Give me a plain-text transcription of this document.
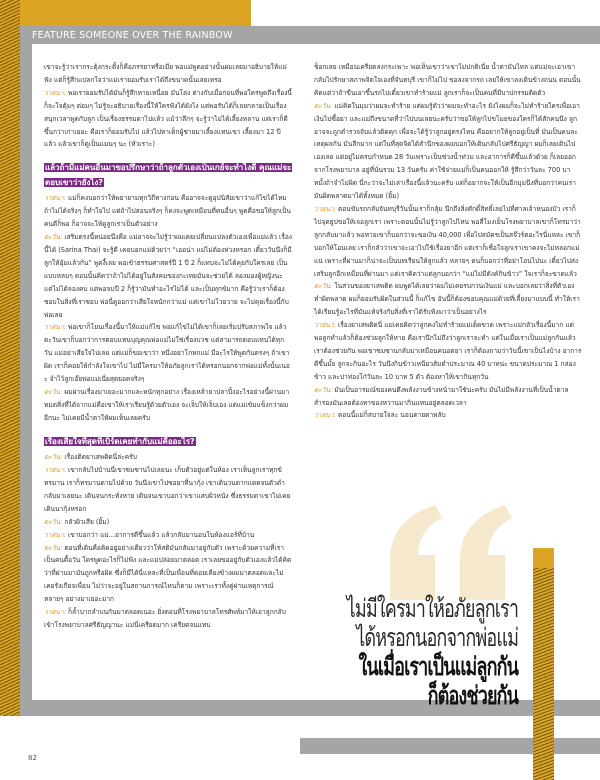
FEATURE SOMEONE OVER THE RAINBOW

เขาจะรู้ว่าเรากระตุ้งกระติ้งก็คือภรรยาหรือเมีย พอแม่พูดอย่างนั้นผมเลยมาอธิบายให้แม่ฟัง แต่ก็รู้สึกแปลกใจว่าแม่เรายอมรับเราได้ถึงขนาดนั้นเลยเหรอ

วาสนา: พอเรายอมรับได้มันก็รู้สึกหายเหนื่อย มันโล่ง ต่างกับเมื่อก่อนที่พอใครพูดถึงเรื่องนี้ก็จะใจตุ้มๆ ต่อมๆ ไม่รู้จะอธิบายเรื่องนี้ให้ใครฟังได้ยังไง แต่พอรับได้ก็เลยกลายเป็นเรื่องสนุกเวลาพูดกับลูก เป็นเรื่องธรรมดาไปแล้ว แม้ว่าลึกๆ จะรู้ว่าไม่ได้เลี้ยงหลาน แต่เราก็ดีขึ้นกว่าเก่าเยอะ คือเราก็ยอมรับไป แล้วไปหาเด็กผู้ชายมาเลี้ยงแทนเขา เลี้ยงมา 12 ปีแล้ว แล้วเขาก็ดูเป็นแมนๆ นะ (หัวเราะ)

แล้วถ้ามีแม่คนอื่นมาขอปรึกษาว่าถ้าลูกตัวเองเป็นเกย์จะทำไงดี คุณแม่จะตอบเขาว่ายังไง?

วาสนา: แม่ก็คงบอกว่าให้พยายามทุกวิถีทางก่อน คืออาจจะดูอุปนิสัยเขาว่าแก้ไขได้ไหม ถ้าไม่ได้จริงๆ ก็ทำใจไป แต่ถ้าไปสอนจริงๆ ก็คงจะพูดเหมือนที่คนอื่นๆ พูดคือขอให้ลูกเป็นคนดีก็พอ ก็อาจจะให้ดูลูกเราเป็นตัวอย่าง

ตะวัน: เสริมตรงนี้หน่อยนึงคือ แม่อาจจะไม่รู้ว่าผมเคยเปลี่ยนแปลงตัวเองเพื่อแม่แล้ว เรื่องนี้ได้ (Sarina Thai) จะรู้ดี เคยบอกแม่ด้วยว่า “เออน่า แม่ไม่ต้องห่วงหรอก เดี๋ยววันนึงก็มีลูกให้อุ้มแล้วกัน” พูดงี้เลย พอเข้าธรรมศาสตร์ปี 1 ปี 2 ก็แทบจะไม่ได้คุยกับใครเลย เป็นแบบหลบๆ ตอนนั้นคิดว่าถ้าไม่ได้อยู่ในสังคมของกะเทยมันจะช่วยได้ ลองมองผู้หญิงนะ แต่ไม่ได้ลองคบ แต่พอจบปี 2 ก็รู้ว่ามันทำอะไรไม่ได้ และเป็นทุกข์มาก คือรู้ว่าเราก็ต้องชอบในสิ่งที่เราชอบ พ่อนี่ดูออกว่าเสียใจหนักกว่าแม่ แต่เขาไม่โวยวาย จะไม่คุยเรื่องนี้กับพ่อเลย

วาสนา: พ่อเขาก็โยนเรื่องนี้มาให้แม่แก้ไข พอแก้ไขไม่ได้เขาก็เลยเริ่มปรับสภาพใจ แล้วตะวันเขาก็บอกว่าการตอบแทนบุญคุณพ่อแม่ไม่ใช่เรื่องบวช แต่สามารถตอบแทนได้ทุกวัน แม่อย่าเสียใจไปเลย แต่แม่ก็ขอเขาว่า หนึ่งอย่าโกหกแม่ มีอะไรให้พูดกันตรงๆ ถ้าเขาผิด เราก็คอยให้กำลังใจเขาไป ไม่มีใครมาให้อภัยลูกเราได้หรอกนอกจากพ่อแม่ทั้งนั้นเนอะ จำไว้ลูกเอ๊ยพ่อแม่เนี่ยสุดยอดจริงๆ

ตะวัน: ผมผ่านเรื่องมาเยอะมากและหนักทุกอย่าง เรื่องเหล้ายาปลาปิ้งอะไรอย่างนี้ผ่านมาหมดสิ่งที่ได้จากแม่คือเขาให้เราเรียนรู้ด้วยตัวเอง จะเจ็บให้เจ็บเอง แต่แม่เข้มแข็งกว่าผมอีกนะ ไม่เคยมีน้ำตาให้ผมเห็นเลยครับ

เรื่องเสียใจที่สุดที่เบิร์ดเคยทำกับแม่คืออะไร?

ตะวัน: เรื่องติดยาเสพติดนี่ล่ะครับ

วาสนา: เขากลับไปบ้านนี่เขาซมซานไปเลยนะ เก็บตัวอยู่แต่ในห้อง เราเห็นลูกเราทุกข์ทรมาน เราก็ทรมานตามไปด้วย วันนึงเขาไปซอยาที่นากุ้ง เขาเดินวนตากแดดจนตัวดำกลับมาเลยนะ เดินจนกระทั่งหาย เดินจนเขาบอกว่าเขาแสบผิวหนัง ซึ่งธรรมดาเขาไม่เคยเดินนากุ้งหรอก

ตะวัน: กลัวผิวเสีย (ยิ้ม)

วาสนา: เขาบอกว่า แม่...อาการดีขึ้นแล้ว แล้วกลับมานอนในห้องแอร์ที่บ้าน

ตะวัน: ตอนที่เดินคือคิดอยู่อย่างเดียวว่าให้สติมันกลับมาอยู่กับตัว เพราะด้วยความที่เราเป็นคนดื้อวัน ใครพูดอะไรก็ไม่ฟัง และแม่ปล่อยมาตลอด เราเลยขออยู่กับตัวเองแล้วได้คิดว่าที่ผ่านมามันถูกหรือผิด ซึ่งก็มีได้นี่แหละที่เป็นเพื่อนที่คอยเคียงข้างผมมาตลอดและไม่เคยรังเกียจเพื่อน ไม่ว่าจะอยู่ในสถานการณ์ไหนก็ตาม เพราะเราทั้งคู่ผ่านเหตุการณ์หลายๆ อย่างมาเยอะมาก

วาสนา: ก็ล้ำบากลำบนกันมาตลอดเนอะ ยิ่งตอนที่โรงพยาบาลโทรศัพท์มาให้เอาลูกกลับเข้าโรงพยาบาลศรีธัญญานะ แม่นี่เครียดมาก เครียดจนแทบ

ช็อกเลย เหมือนเครียดลงกระเพาะ พอเห็นเขาว่าเขาไม่ปกติเนี่ย น้ำตามันไหล แต่แม่จะเอาเขากลับไปรักษาสภาพจิตใจเองที่จันทบุรี เขาก็ไม่ไป ขอลงจากรถ เลยให้เขาลงเดินข้างถนน ตอนนั้นคิดแต่ว่าถ้าขืนเอาขึ้นรถไปเดี๋ยวเขาทำร้ายแม่ ลูกเราก็จะเป็นคนที่มีบาปกรรมติดตัว

ตะวัน: แม่คิดในมุมว่าผมจะทำร้าย แต่ผมรู้ตัวว่าผมจะทำอะไร ยังไงผมก็จะไม่ทำร้ายใครเพื่อเอาเงินไปซื้อยา และแม่ถึงขนาดที่ว่าไปบนเลยนะครับว่าขอให้ลูกไปขโมยของใครก็ได้สักคนนึง ลูกอาจจะถูกตำรวจจับแล้วติดคุก เพื่อจะได้รู้ว่าลูกอยู่ตรงไหน คืออยากให้ลูกอยู่เป็นที่ มันเป็นคนละเหตุผลกัน มันลึกมาก แต่ในที่สุดจิตได้สำนึกของผมบอกให้เดินกลับไปศรีธัญญา ผมก็เลยเดินไปเองเลย แต่อยู่ไม่ครบกำหนด 28 วันเพราะเป็นช่วงน้ำท่วม และอาการก็ดีขึ้นแล้วด้วย ก็เลยออกจากโรงพยาบาล อยู่ที่นั่นรวม 13 วันครับ ค่าใช้จ่ายแม่ก็เป็นคนออกให้ รู้สึกว่าวันละ 700 บาทมั้งถ้าจำไม่ผิด นี่กะว่าจะไม่เล่าเรื่องนี้แล้วนะครับ แต่ก็อยากจะให้เป็นอีกมุมนึงที่บอกว่าคนเรามันผิดพลาดมาได้ทั้งหมด (ยิ้ม)

วาสนา: ตอนขับรถกลับจันทบุรีวันนั้นเราก็กลุ้ม นึกถึงสิ่งศักดิ์สิทธิ์เลยไปที่ศาลเจ้าหนองบัว เราก็ไปจุดธูปขอให้เจอลูกเรา เพราะตอนนั้นไม่รู้ว่าลูกไปไหน พอสี่โมงเย็นโรงพยาบาลเขาก็โทรมาว่าลูกกลับมาแล้ว พอหายเขาก็บอกว่าจะขอเงิน 40,000 เพื่อไปสมัครเป็นสจ๊วร์ตอะไรนี่แหละ เขาก็บอกให้โอนเลย เราก็กลัวว่าเขาจะเอาไปใช้เรื่องยาอีก แต่เราก็เชื่อใจลูกเราเขาคงจะไม่หลอกแม่แน่ เพราะที่ผ่านมาก็น่าจะเป็นบทเรียนให้ลูกแล้ว หลายๆ คนก็บอกว่าที่อย่าโอนไปนะ เดี๋ยวไปส่งเสริมลูกอีกเหมือนที่ผ่านมา แต่เราคิดว่าแต่ลูกบอกว่า “แม่ไม่มีตังค์กินข้าว” ใจเราก็จะขาดแล้ว

ตะวัน: ในส่วนของยาเสพติด ผมพูดได้เลยว่าผมไม่เคยรบกวนเงินแม่ และบอกเลยว่าสิ่งที่ตัวเองทำผิดพลาด ผมก็ยอมรับผิดในส่วนนี้ ก็แก้ไข อันนี้ก็ต้องขอบคุณแม่ด้วยที่เลี้ยงมาแบบนี้ ทำให้เราได้เรียนรู้อะไรที่มันแท้จริงกับสิ่งที่เราได้รับฟังมาว่าเป็นอย่างไร

วาสนา: เรื่องยาเสพติดนี่ แม่เคยคิดว่าลูกคงไม่ทำร้ายแม่เด็ดขาด เพราะแม่กลัวเรื่องนี้มาก แต่พอลูกทำแล้วก็ต้องช่วยลูกให้หาย คือเรานึกไม่ถึงว่าลูกเราจะทำ แต่ในเมื่อเราเป็นแม่ลูกกันแล้วเราต้องช่วยกัน พอเขาซมซานกลับมาเหมือนคนอดยา เราก็ต้องถามว่าวันนี้เขาเป็นไงบ้าง อาการดีขึ้นมั้ย ลูกจะกินอะไร วันนึงกินข้าวเหนียวส้มตำประมาณ 40 บาทน่ะ ขนาดประมาณ 1 กล่องข้าว และปาท่องโก๋วันละ 10 บาท 5 ตัว ต้องหาให้เขากินทุกวัน

ตะวัน: มันเป็นอารมณ์ของคนดึงพลังงานข้างหน้ามาใช้น่ะครับ มันไม่มีพลังงานที่เป็นน้ำตาลสำรองมันเลยต้องหาของหวานมากินแทนอยู่ตลอดเวลา

วาสนา: ตอนนี้แม่ก็สบายใจละ นอนตายตาหลับ

ไม่มีใครมาให้อภัยลูกเรา
ได้หรอกนอกจากพ่อแม่
ในเมื่อเราเป็นแม่ลูกกัน
ก็ต้องช่วยกัน
82
